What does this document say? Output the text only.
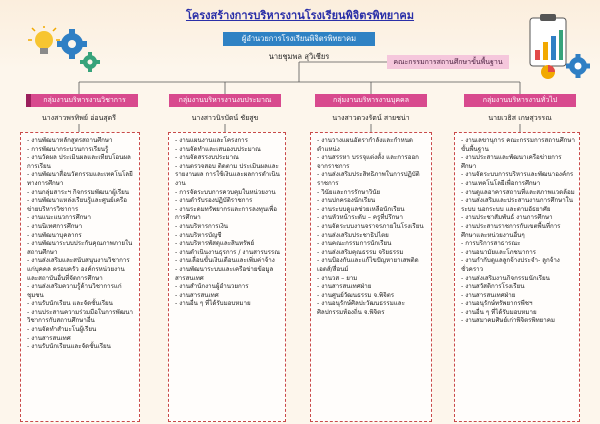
โครงสร้างการบริหารงานโรงเรียนพิจิตรพิทยาคม
ผู้อำนวยการโรงเรียนพิจิตรพิทยาคม
นายชุมพล สุวิเชียร
คณะกรรมการสถานศึกษาขั้นพื้นฐาน
กลุ่มงานบริหารงานวิชาการ
นางสาวพรทิพย์ อ่อนสุดรี
- งานพัฒนาหลักสูตรสถานศึกษา
- การพัฒนากระบวนการเรียนรู้
- งานวัดผล ประเมินผลและเทียบโอนผลการเรียน
- งานพัฒนาสื่อนวัตกรรมและเทคโนโลยีทางการศึกษา
- งานกลุ่มสาระฯ กิจกรรมพัฒนาผู้เรียน
- งานพัฒนาแหล่งเรียนรู้และศูนย์เครือข่ายบริหารวิชาการ
- งานแนะแนวการศึกษา
- งานนิเทศการศึกษา
- งานพัฒนาบุคลากร
- งานพัฒนาระบบประกันคุณภาพภายในสถานศึกษา
- งานส่งเสริมและสนับสนุนงานวิชาการแก่บุคคล ครอบครัว องค์กรหน่วยงาน และสถาบันอื่นที่จัดการศึกษา
- งานส่งเสริมความรู้ด้านวิชาการแก่ชุมชน
- งานรับนักเรียน และจัดชั้นเรียน
- งานประสานความร่วมมือในการพัฒนาวิชาการกับสถานศึกษาอื่น
- งานจัดทำสำมะโนผู้เรียน
- งานสารสนเทศ
- งานรับนักเรียนและจัดชั้นเรียน
กลุ่มงานบริหารงานงบประมาณ
นางสาวนิรบัตน์ ชัยสูข
- งานแผนงานและโครงการ
- งานจัดทำและเสนองบประมาณ
- งานจัดสรรงบประมาณ
- งานตรวจสอบ ติดตาม ประเมินผลและรายงานผล การใช้เงินและผลการดำเนินงาน
- การจัดระบบการควบคุมในหน่วยงาน
- งานดำรับรองปฏิบัติราชการ
- งานระดมทรัพยากรและการลงทุนเพื่อการศึกษา
- งานบริหารการเงิน
- งานบริหารบัญชี
- งานบริหารพัสดุและสินทรัพย์
- งานดำเนินงานธุรการ / งานสารบรรณ
- งานเลื่อนขั้นเงินเดือนและเพิ่มค่าจ้าง
- งานพัฒนาระบบและเครือข่ายข้อมูลสารสนเทศ
- งานสำนักงานผู้อำนวยการ
- งานสารสนเทศ
- งานอื่น ๆ ที่ได้รับมอบหมาย
กลุ่มงานบริหารงานบุคคล
นางสาวดวงรัตน์ สายชน่า
- งานวางแผนอัตรากำลังและกำหนดตำแหน่ง
- งานสรรหา บรรจุแต่งตั้ง และการออกจากราชการ
- งานส่งเสริมประสิทธิภาพในการปฏิบัติราชการ
- วินัยและการรักษาวินัย
- งานปกครองนักเรียน
- งานระบบดูแลช่วยเหลือนักเรียน
- งานหัวหน้าระดับ – ครูที่ปรึกษา
- งานจัดระบบงานจราจรภายในโรงเรียน
- งานส่งเสริมประชาธิปไตย
- งานคณะกรรมการนักเรียน
- งานส่งเสริมคุณธรรม จริยธรรม
- งานป้องกันและแก้ไขปัญหายาเสพติดเอดส์/สื่อนม์
- งานวส – ยาม
- งานสารสนเทศฝ่าย
- งานศูนย์วัฒนธรรม จ.พิจิตร
- งานอนุรักษ์ศิลปะวัฒนธรรมและศิลปกรรมท้องถิ่น จ.พิจิตร
กลุ่มงานบริหารงานทั่วไป
นายเวธิส เกษสุวรรณ
- งานเลขานุการ คณะกรรมการสถานศึกษาขั้นพื้นฐาน
- งานประสานและพัฒนาเครือข่ายการศึกษา
- งานจัดระบบการบริหารและพัฒนาองค์กร
- งานเทคโนโลยีเพื่อการศึกษา
- งานดูแลอาคารสถานที่และสภาพแวดล้อม
- งานส่งเสริมและประสานงานการศึกษาในระบบ นอกระบบ และตามอัธยาศัย
- งานประชาสัมพันธ์ งานการศึกษา
- งานประสานราชการกับเขตพื้นที่การศึกษาและหน่วยงานอื่นๆ
- การบริการสาธารณะ
- งานอนามัยและโภชนาการ
- งานกำกับดูแลลูกจ้างประจำ- ลูกจ้างชั่วคราว
- งานส่งเสริมงานกิจกรรมนักเรียน
- งานสวัสดิการโรงเรียน
- งานสารสนเทศฝ่าย
- งานอนุรักษ์ทรัพยากรพืชฯ
- งานอื่น ๆ ที่ได้รับมอบหมาย
- งานสมาคมศิษย์เก่าพิจิตรพิทยาคม
